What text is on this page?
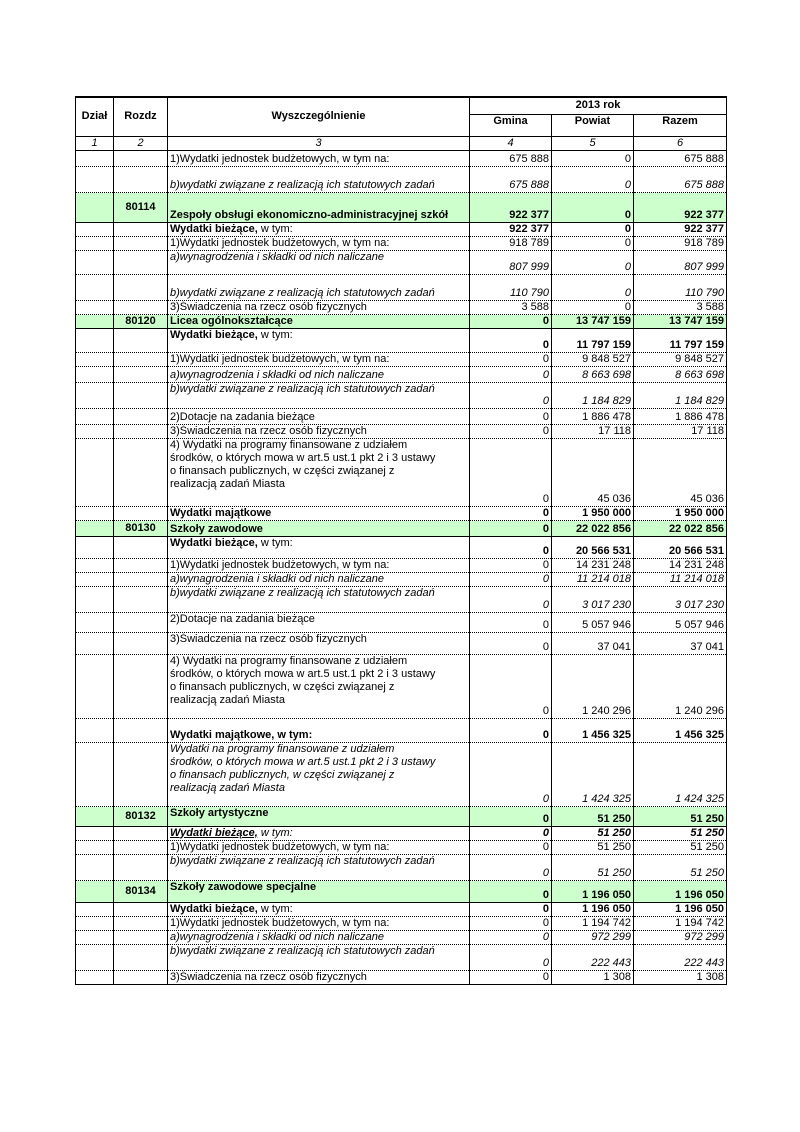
Dział	Rozdz	Wyszczególnienie	2013 rok		
			Gmina	Powiat	Razem
1	2	3	4	5	6
		1)Wydatki jednostek budżetowych, w tym na:	675 888	0	675 888
		b)wydatki związane z realizacją ich statutowych zadań	675 888	0	675 888
	80114	Zespoły obsługi ekonomiczno-administracyjnej szkół	922 377	0	922 377
		Wydatki bieżące, w tym:	922 377	0	922 377
		1)Wydatki jednostek budżetowych, w tym na:	918 789	0	918 789
		a)wynagrodzenia i składki od nich naliczane	807 999	0	807 999
		b)wydatki związane z realizacją ich statutowych zadań	110 790	0	110 790
		3)Świadczenia na rzecz osób fizycznych	3 588	0	3 588
	80120	Licea ogólnokształcące	0	13 747 159	13 747 159
		Wydatki bieżące, w tym:	0	11 797 159	11 797 159
		1)Wydatki jednostek budżetowych, w tym na:	0	9 848 527	9 848 527
		a)wynagrodzenia i składki od nich naliczane	0	8 663 698	8 663 698
		b)wydatki związane z realizacją ich statutowych zadań	0	1 184 829	1 184 829
		2)Dotacje na zadania bieżące	0	1 886 478	1 886 478
		3)Świadczenia na rzecz osób fizycznych	0	17 118	17 118
		4) Wydatki na programy finansowane z udziałem
środków, o których mowa w art.5 ust.1 pkt 2 i 3 ustawy
o finansach publicznych, w części związanej z
realizacją zadań Miasta	0	45 036	45 036
		Wydatki majątkowe	0	1 950 000	1 950 000
	80130	Szkoły zawodowe	0	22 022 856	22 022 856
		Wydatki bieżące, w tym:	0	20 566 531	20 566 531
		1)Wydatki jednostek budżetowych, w tym na:	0	14 231 248	14 231 248
		a)wynagrodzenia i składki od nich naliczane	0	11 214 018	11 214 018
		b)wydatki związane z realizacją ich statutowych zadań	0	3 017 230	3 017 230
		2)Dotacje na zadania bieżące	0	5 057 946	5 057 946
		3)Świadczenia na rzecz osób fizycznych	0	37 041	37 041
		4) Wydatki na programy finansowane z udziałem
środków, o których mowa w art.5 ust.1 pkt 2 i 3 ustawy
o finansach publicznych, w części związanej z
realizacją zadań Miasta	0	1 240 296	1 240 296
		Wydatki majątkowe, w tym:	0	1 456 325	1 456 325
		Wydatki na programy finansowane z udziałem
środków, o których mowa w art.5 ust.1 pkt 2 i 3 ustawy
o finansach publicznych, w części związanej z
realizacją zadań Miasta	0	1 424 325	1 424 325
	80132	Szkoły artystyczne	0	51 250	51 250
		Wydatki bieżące, w tym:	0	51 250	51 250
		1)Wydatki jednostek budżetowych, w tym na:	0	51 250	51 250
		b)wydatki związane z realizacją ich statutowych zadań	0	51 250	51 250
	80134	Szkoły zawodowe specjalne	0	1 196 050	1 196 050
		Wydatki bieżące, w tym:	0	1 196 050	1 196 050
		1)Wydatki jednostek budżetowych, w tym na:	0	1 194 742	1 194 742
		a)wynagrodzenia i składki od nich naliczane	0	972 299	972 299
		b)wydatki związane z realizacją ich statutowych zadań	0	222 443	222 443
		3)Świadczenia na rzecz osób fizycznych	0	1 308	1 308
